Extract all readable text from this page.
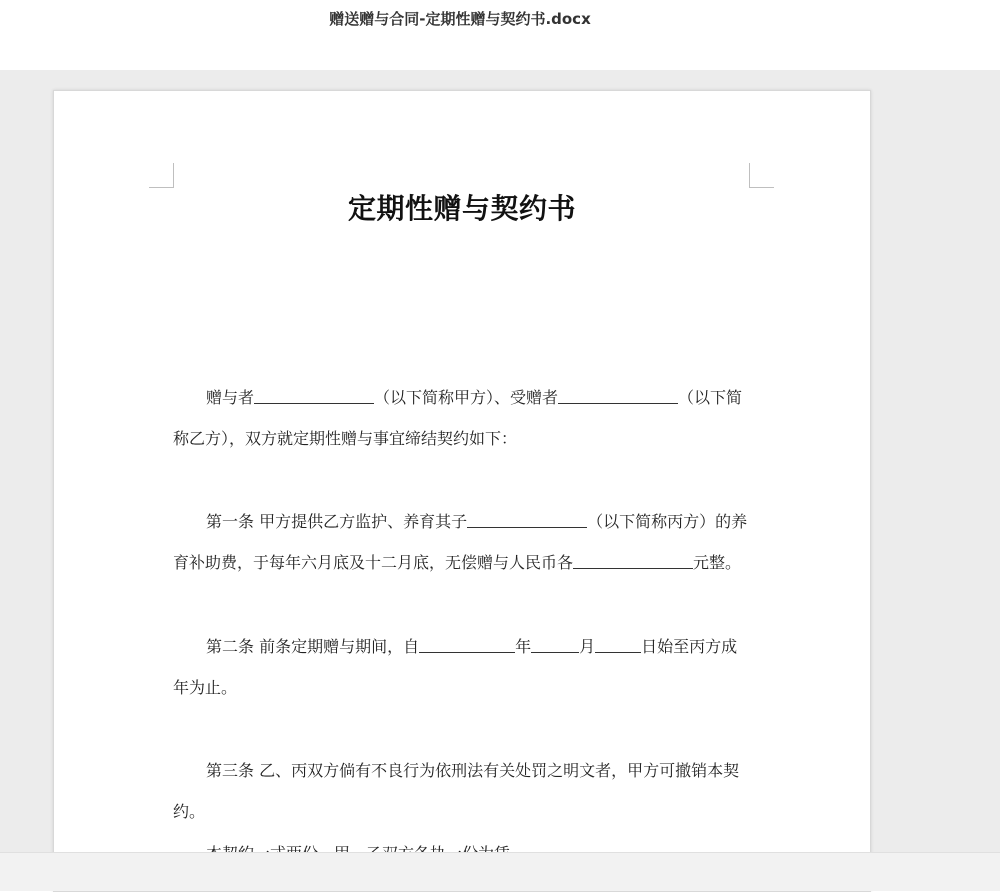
赠送赠与合同-定期性赠与契约书.docx
定期性赠与契约书
赠与者	（以下简称甲方）、受赠者	（以下简称乙方），双方就定期性赠与事宜缔结契约如下：
第一条 甲方提供乙方监护、养育其子	（以下简称丙方）的养育补助费，于每年六月底及十二月底，无偿赠与人民币各	元整。
第二条 前条定期赠与期间，自	年	月	日始至丙方成年为止。
第三条 乙、丙双方倘有不良行为依刑法有关处罚之明文者，甲方可撤销本契约。
